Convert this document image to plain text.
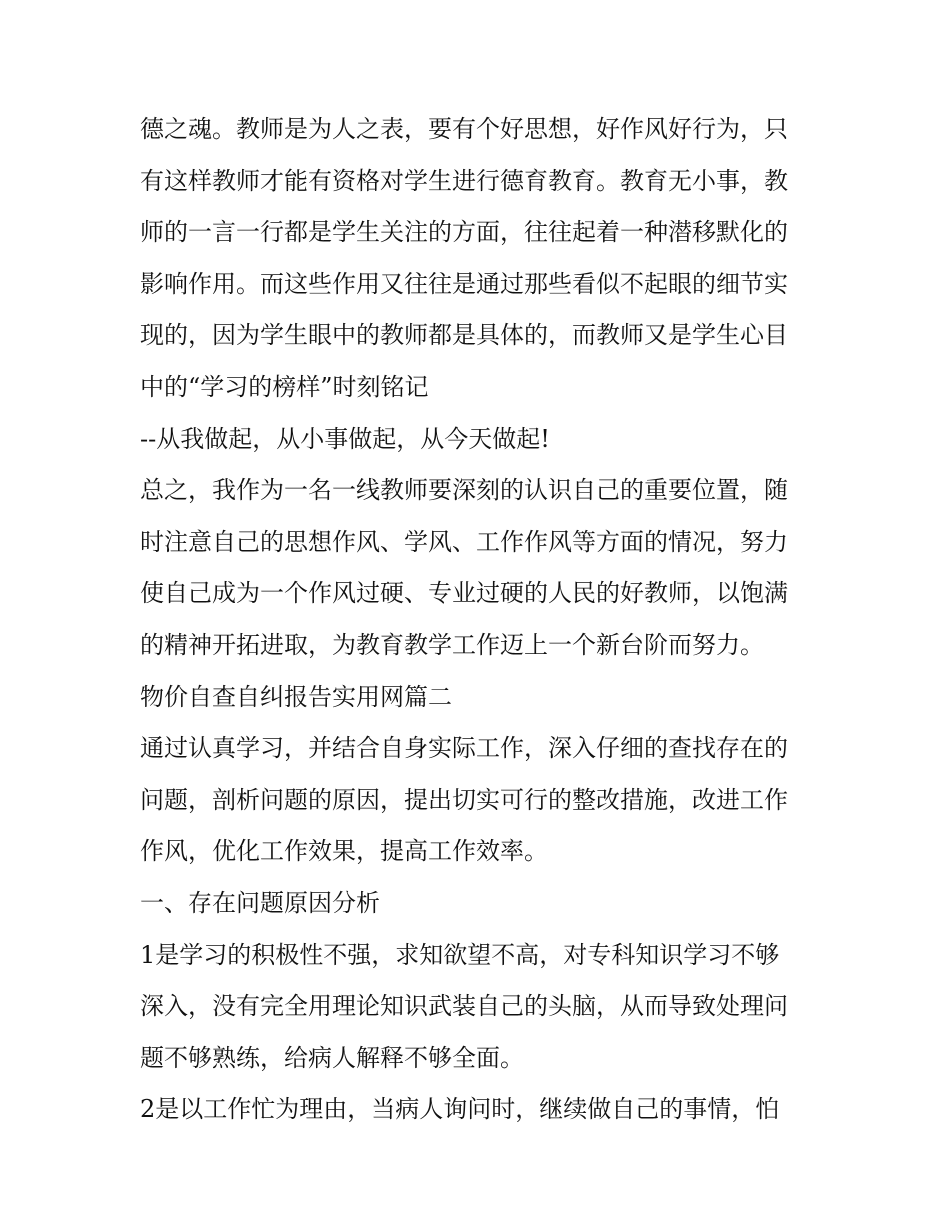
德之魂。教师是为人之表，要有个好思想，好作风好行为，只
有这样教师才能有资格对学生进行德育教育。教育无小事，教
师的一言一行都是学生关注的方面，往往起着一种潜移默化的
影响作用。而这些作用又往往是通过那些看似不起眼的细节实
现的，因为学生眼中的教师都是具体的，而教师又是学生心目
中的“学习的榜样”时刻铭记
--从我做起，从小事做起，从今天做起!
总之，我作为一名一线教师要深刻的认识自己的重要位置，随
时注意自己的思想作风、学风、工作作风等方面的情况，努力
使自己成为一个作风过硬、专业过硬的人民的好教师，以饱满
的精神开拓进取，为教育教学工作迈上一个新台阶而努力。
物价自查自纠报告实用网篇二
通过认真学习，并结合自身实际工作，深入仔细的查找存在的
问题，剖析问题的原因，提出切实可行的整改措施，改进工作
作风，优化工作效果，提高工作效率。
一、存在问题原因分析
1是学习的积极性不强，求知欲望不高，对专科知识学习不够
深入，没有完全用理论知识武装自己的头脑，从而导致处理问
题不够熟练，给病人解释不够全面。
2是以工作忙为理由，当病人询问时，继续做自己的事情，怕
